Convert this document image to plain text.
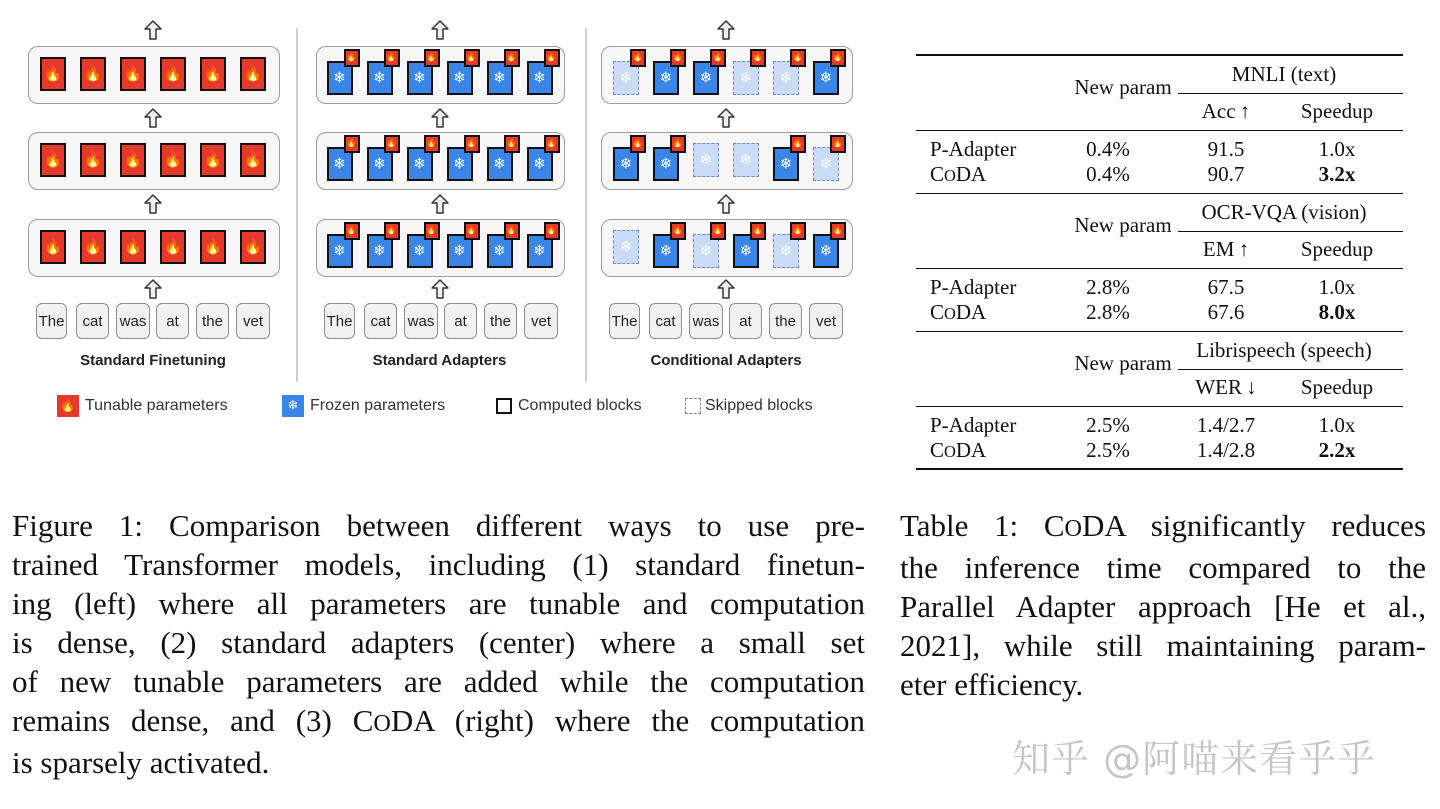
🔥 🔥 🔥 🔥 🔥 🔥
🔥 🔥 🔥 🔥 🔥 🔥
🔥 🔥 🔥 🔥 🔥 🔥
The	cat	was	at	the	vet
Standard Finetuning
❄
🔥
❄
🔥
❄
🔥
❄
🔥
❄
🔥
❄
🔥
❄
🔥
❄
🔥
❄
🔥
❄
🔥
❄
🔥
❄
🔥
❄
🔥
❄
🔥
❄
🔥
❄
🔥
❄
🔥
❄
🔥
The	cat	was	at	the	vet
Standard Adapters
❄
🔥
❄
🔥
❄
🔥
❄
🔥
❄
🔥
❄
🔥
❄
🔥
❄
🔥
❄	❄	❄
🔥
❄
🔥
❄	❄
🔥
❄
🔥
❄
🔥
❄
🔥
❄
🔥
The	cat	was	at	the	vet
Conditional Adapters
🔥 Tunable parameters	❄ Frozen parameters	Computed blocks	Skipped blocks
MNLI (text)
New param
Acc ↑	Speedup
P-Adapter	0.4%	91.5	1.0x
CODA	0.4%	90.7	3.2x
OCR-VQA (vision)
New param
EM ↑	Speedup
P-Adapter	2.8%	67.5	1.0x
CODA	2.8%	67.6	8.0x
Librispeech (speech)
New param
WER ↓	Speedup
P-Adapter	2.5%	1.4/2.7	1.0x
CODA	2.5%	1.4/2.8	2.2x
Figure 1: Comparison between different ways to use pre-
trained Transformer models, including (1) standard finetun-
ing (left) where all parameters are tunable and computation
is dense, (2) standard adapters (center) where a small set
of new tunable parameters are added while the computation
remains dense, and (3) CODA (right) where the computation
is sparsely activated.
Table 1: CODA significantly reduces
the inference time compared to the
Parallel Adapter approach [He et al.,
2021], while still maintaining param-
eter efficiency.
知乎 @阿喵来看乎乎
